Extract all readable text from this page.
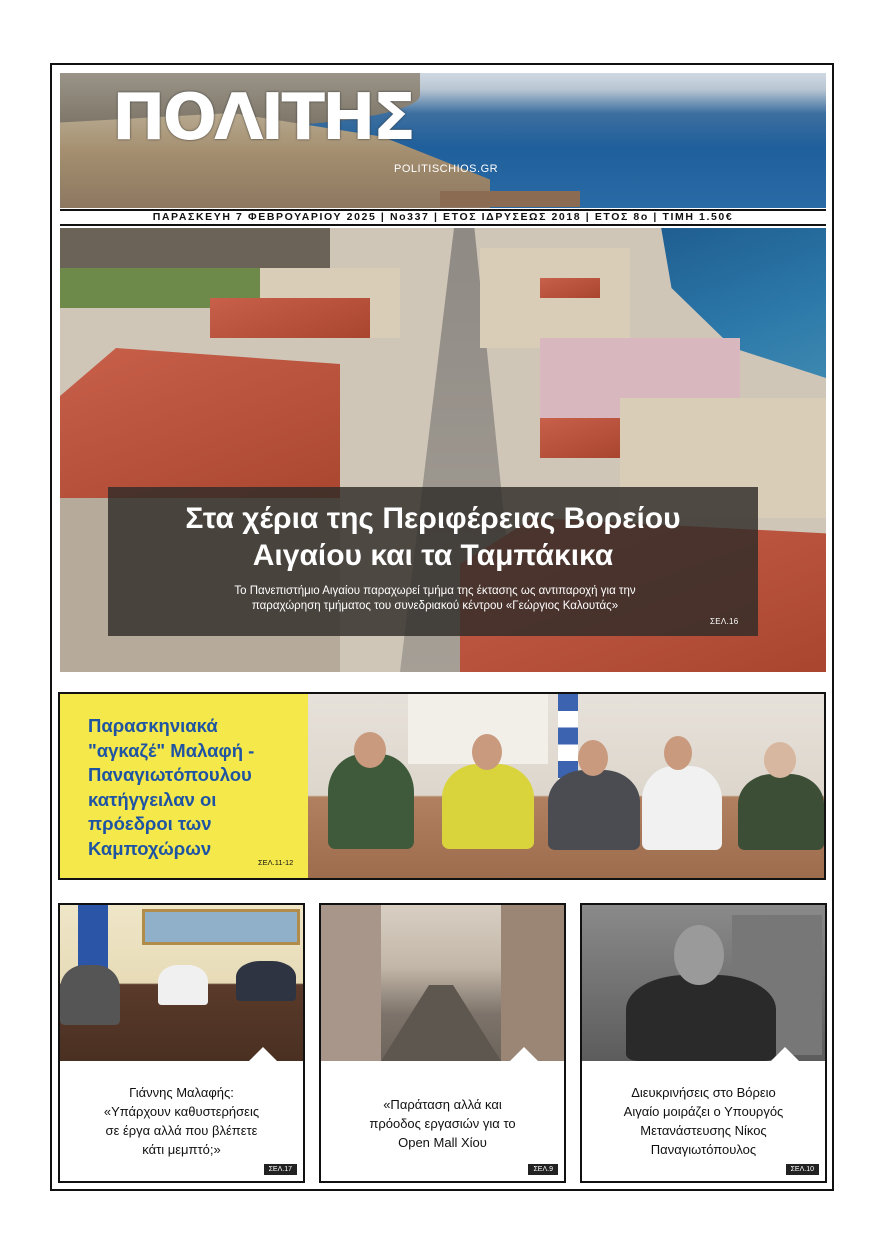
ΠΟΛΙΤΗΣ
POLITISCHIOS.GR
ΠΑΡΑΣΚΕΥΗ 7 ΦΕΒΡΟΥΑΡΙΟΥ 2025 | Νο337 | ΕΤΟΣ ΙΔΡΥΣΕΩΣ 2018 | ΕΤΟΣ 8ο | ΤΙΜΗ 1.50€
Στα χέρια της Περιφέρειας Βορείου
Αιγαίου και τα Ταμπάκικα
Το Πανεπιστήμιο Αιγαίου παραχωρεί τμήμα της έκτασης ως αντιπαροχή για την
παραχώρηση τμήματος του συνεδριακού κέντρου «Γεώργιος Καλουτάς»
ΣΕΛ.16
Παρασκηνιακά
"αγκαζέ" Μαλαφή -
Παναγιωτόπουλου
κατήγγειλαν οι
πρόεδροι των
Καμποχώρων
ΣΕΛ.11-12
Γιάννης Μαλαφής:
«Υπάρχουν καθυστερήσεις
σε έργα αλλά που βλέπετε
κάτι μεμπτό;»
ΣΕΛ.17
«Παράταση αλλά και
πρόοδος εργασιών για το
Open Mall Χίου
ΣΕΛ.9
Διευκρινήσεις στο Βόρειο
Αιγαίο μοιράζει ο Υπουργός
Μετανάστευσης Νίκος
Παναγιωτόπουλος
ΣΕΛ.10
